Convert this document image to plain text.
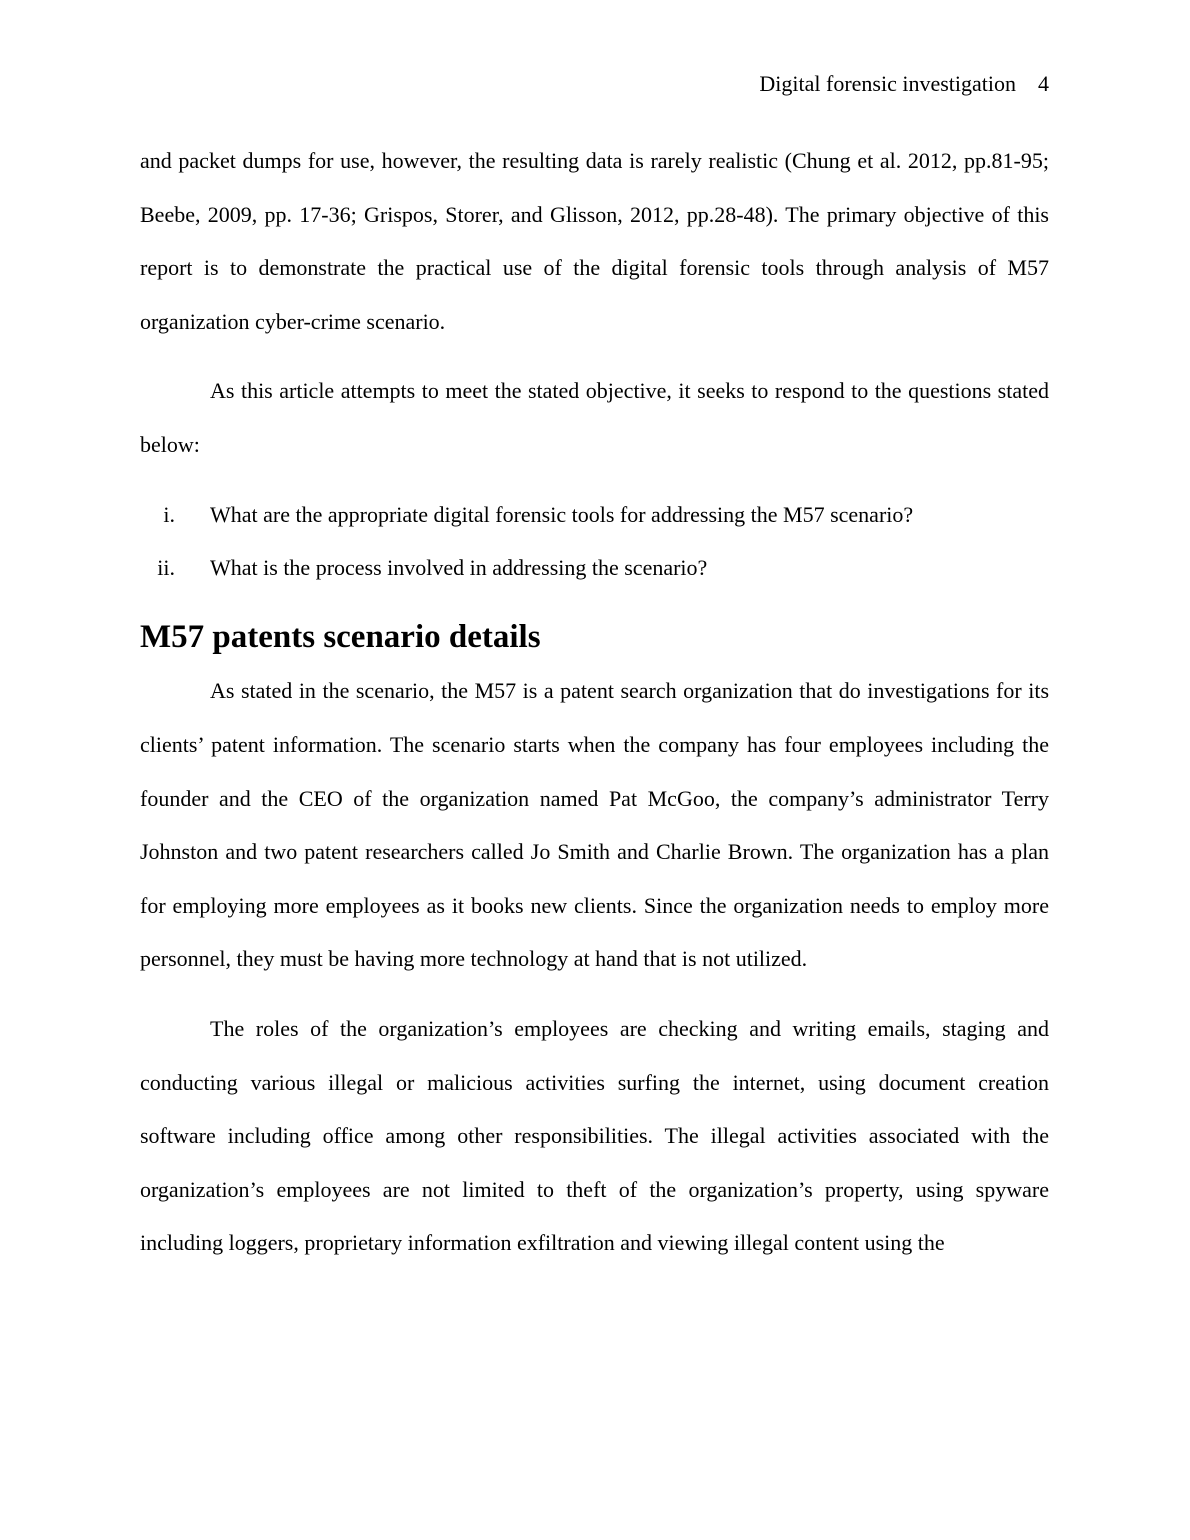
Digital forensic investigation 4

and packet dumps for use, however, the resulting data is rarely realistic (Chung et al. 2012, pp.81-95; Beebe, 2009, pp. 17-36; Grispos, Storer, and Glisson, 2012, pp.28-48). The primary objective of this report is to demonstrate the practical use of the digital forensic tools through analysis of M57 organization cyber-crime scenario.

As this article attempts to meet the stated objective, it seeks to respond to the questions stated below:

i. What are the appropriate digital forensic tools for addressing the M57 scenario?
ii. What is the process involved in addressing the scenario?
M57 patents scenario details

As stated in the scenario, the M57 is a patent search organization that do investigations for its clients’ patent information. The scenario starts when the company has four employees including the founder and the CEO of the organization named Pat McGoo, the company’s administrator Terry Johnston and two patent researchers called Jo Smith and Charlie Brown. The organization has a plan for employing more employees as it books new clients. Since the organization needs to employ more personnel, they must be having more technology at hand that is not utilized.

The roles of the organization’s employees are checking and writing emails, staging and conducting various illegal or malicious activities surfing the internet, using document creation software including office among other responsibilities. The illegal activities associated with the organization’s employees are not limited to theft of the organization’s property, using spyware including loggers, proprietary information exfiltration and viewing illegal content using the
